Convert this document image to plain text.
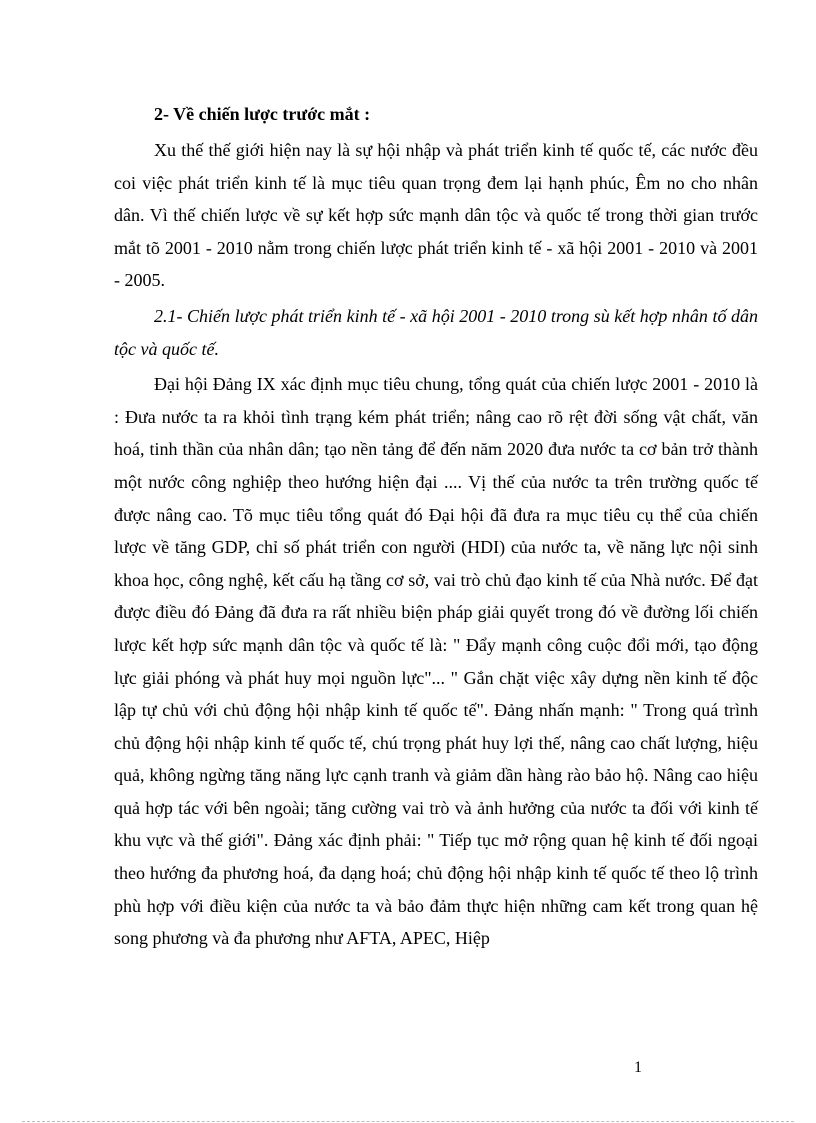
2- Về chiến lược trước mắt :

Xu thế thế giới hiện nay là sự hội nhập và phát triển kinh tế quốc tế, các nước đều coi việc phát triển kinh tế là mục tiêu quan trọng đem lại hạnh phúc, Êm no cho nhân dân. Vì thế chiến lược về sự kết hợp sức mạnh dân tộc và quốc tế trong thời gian trước mắt tõ 2001 - 2010 nằm trong chiến lược phát triển kinh tế - xã hội 2001 - 2010 và 2001 - 2005.

2.1- Chiến lược phát triển kinh tế - xã hội 2001 - 2010 trong sù kết hợp nhân tố dân tộc và quốc tế.

Đại hội Đảng IX xác định mục tiêu chung, tổng quát của chiến lược 2001 - 2010 là : Đưa nước ta ra khỏi tình trạng kém phát triển; nâng cao rõ rệt đời sống vật chất, văn hoá, tinh thần của nhân dân; tạo nền tảng để đến năm 2020 đưa nước ta cơ bản trở thành một nước công nghiệp theo hướng hiện đại .... Vị thế của nước ta trên trường quốc tế được nâng cao. Tõ mục tiêu tổng quát đó Đại hội đã đưa ra mục tiêu cụ thể của chiến lược về tăng GDP, chỉ số phát triển con người (HDI) của nước ta, về năng lực nội sinh khoa học, công nghệ, kết cấu hạ tầng cơ sở, vai trò chủ đạo kinh tế của Nhà nước. Để đạt được điều đó Đảng đã đưa ra rất nhiều biện pháp giải quyết trong đó về đường lối chiến lược kết hợp sức mạnh dân tộc và quốc tế là: " Đẩy mạnh công cuộc đổi mới, tạo động lực giải phóng và phát huy mọi nguồn lực"... " Gắn chặt việc xây dựng nền kinh tế độc lập tự chủ với chủ động hội nhập kinh tế quốc tế". Đảng nhấn mạnh: " Trong quá trình chủ động hội nhập kinh tế quốc tế, chú trọng phát huy lợi thế, nâng cao chất lượng, hiệu quả, không ngừng tăng năng lực cạnh tranh và giảm dần hàng rào bảo hộ. Nâng cao hiệu quả hợp tác với bên ngoài; tăng cường vai trò và ảnh hưởng của nước ta đối với kinh tế khu vực và thế giới". Đảng xác định phải: " Tiếp tục mở rộng quan hệ kinh tế đối ngoại theo hướng đa phương hoá, đa dạng hoá; chủ động hội nhập kinh tế quốc tế theo lộ trình phù hợp với điều kiện của nước ta và bảo đảm thực hiện những cam kết trong quan hệ song phương và đa phương như AFTA, APEC, Hiệp

1
